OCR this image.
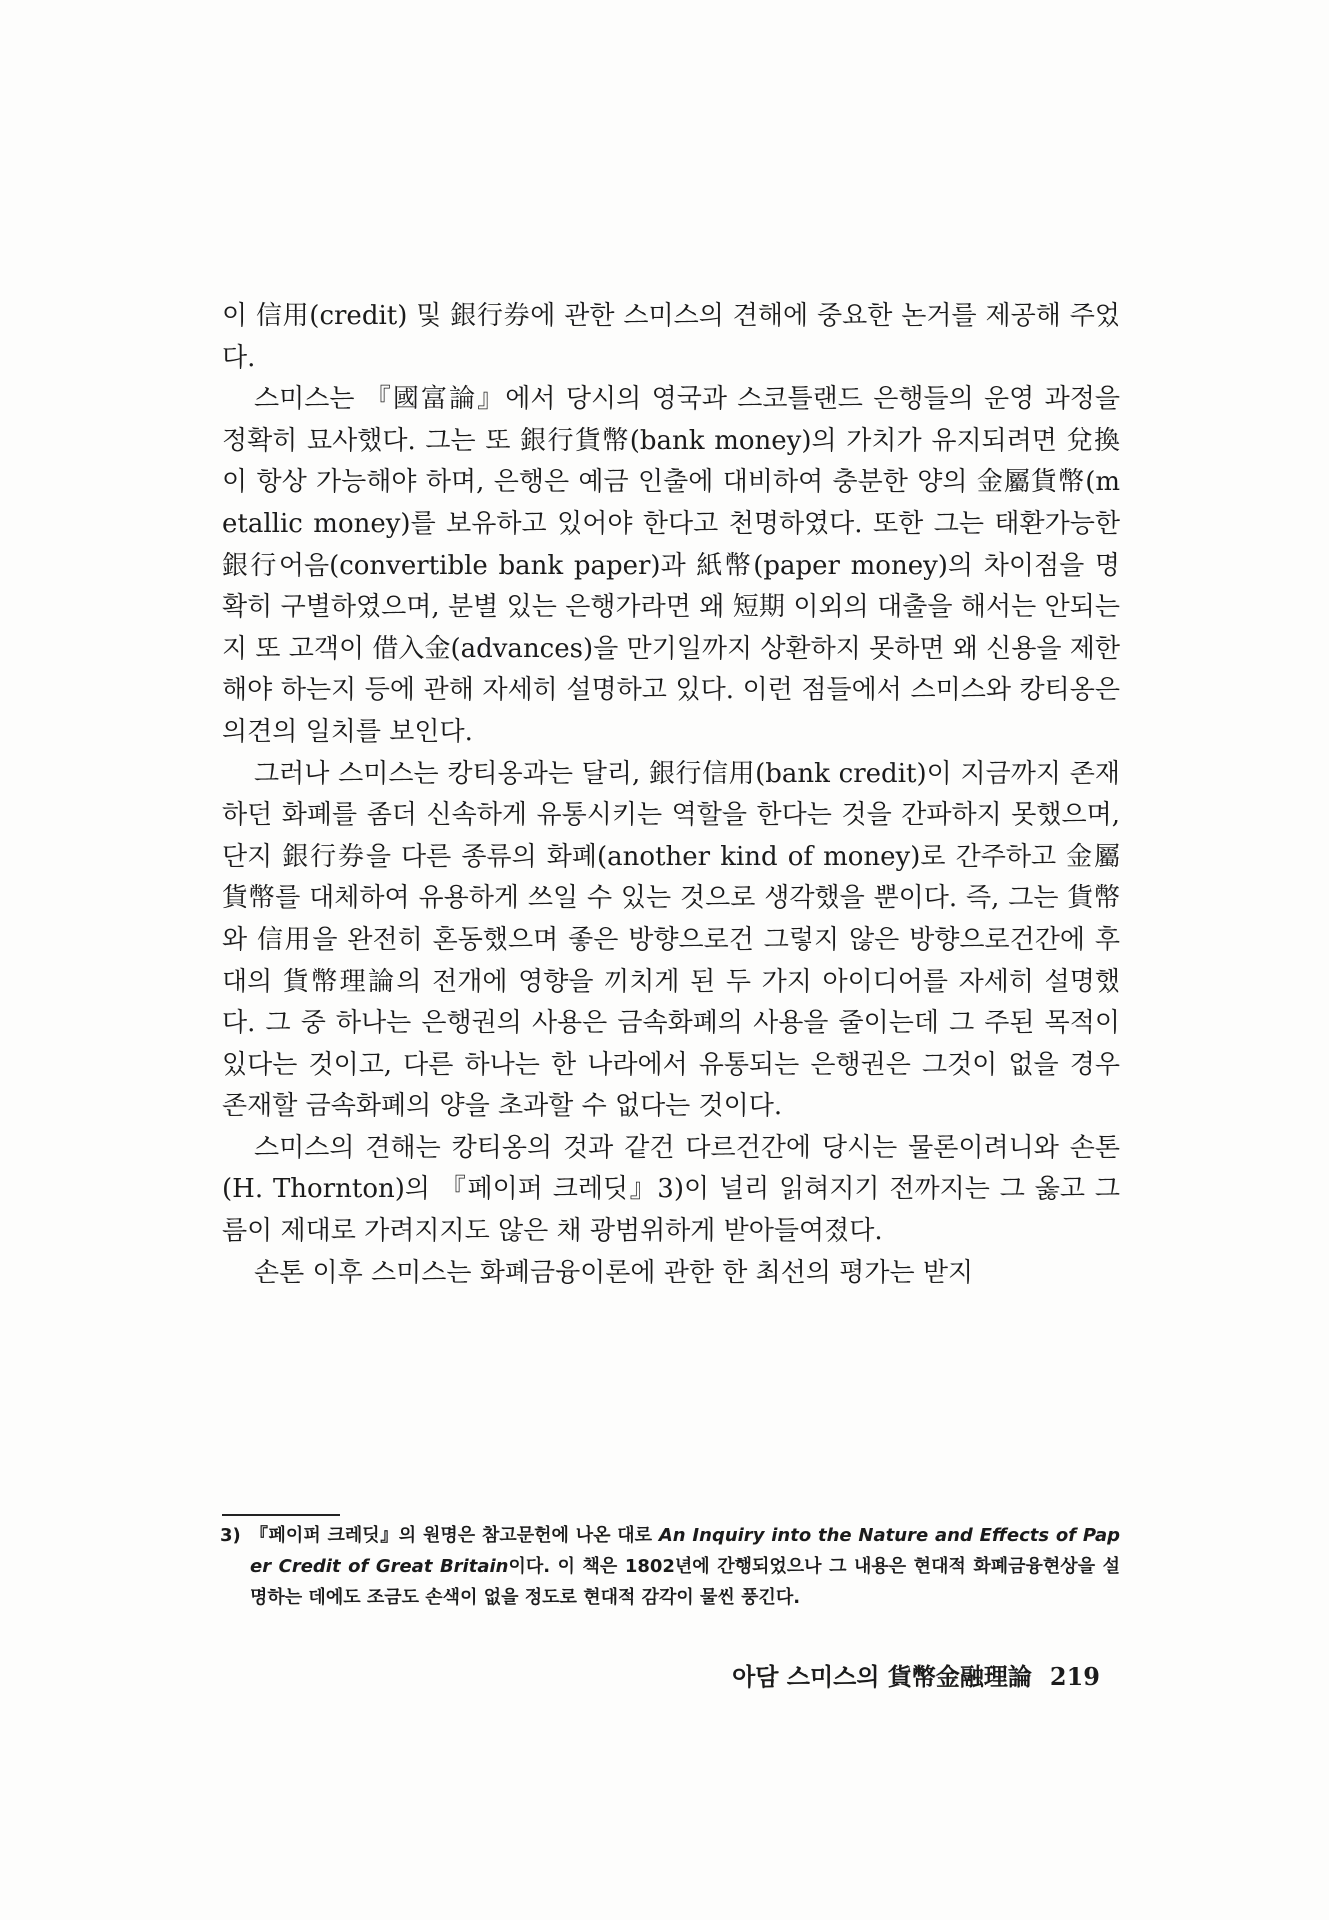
이 信用(credit) 및 銀行券에 관한 스미스의 견해에 중요한 논거를 제공해 주었다.

스미스는 『國富論』에서 당시의 영국과 스코틀랜드 은행들의 운영 과정을 정확히 묘사했다. 그는 또 銀行貨幣(bank money)의 가치가 유지되려면 兌換이 항상 가능해야 하며, 은행은 예금 인출에 대비하여 충분한 양의 金屬貨幣(metallic money)를 보유하고 있어야 한다고 천명하였다. 또한 그는 태환가능한 銀行어음(convertible bank paper)과 紙幣(paper money)의 차이점을 명확히 구별하였으며, 분별 있는 은행가라면 왜 短期 이외의 대출을 해서는 안되는지 또 고객이 借入金(advances)을 만기일까지 상환하지 못하면 왜 신용을 제한해야 하는지 등에 관해 자세히 설명하고 있다. 이런 점들에서 스미스와 캉티옹은 의견의 일치를 보인다.

그러나 스미스는 캉티옹과는 달리, 銀行信用(bank credit)이 지금까지 존재하던 화폐를 좀더 신속하게 유통시키는 역할을 한다는 것을 간파하지 못했으며, 단지 銀行券을 다른 종류의 화폐(another kind of money)로 간주하고 金屬貨幣를 대체하여 유용하게 쓰일 수 있는 것으로 생각했을 뿐이다. 즉, 그는 貨幣와 信用을 완전히 혼동했으며 좋은 방향으로건 그렇지 않은 방향으로건간에 후대의 貨幣理論의 전개에 영향을 끼치게 된 두 가지 아이디어를 자세히 설명했다. 그 중 하나는 은행권의 사용은 금속화폐의 사용을 줄이는데 그 주된 목적이 있다는 것이고, 다른 하나는 한 나라에서 유통되는 은행권은 그것이 없을 경우 존재할 금속화폐의 양을 초과할 수 없다는 것이다.

스미스의 견해는 캉티옹의 것과 같건 다르건간에 당시는 물론이려니와 손톤(H. Thornton)의 『페이퍼 크레딧』3)이 널리 읽혀지기 전까지는 그 옳고 그름이 제대로 가려지지도 않은 채 광범위하게 받아들여졌다.

손톤 이후 스미스는 화폐금융이론에 관한 한 최선의 평가는 받지

3) 『페이퍼 크레딧』의 원명은 참고문헌에 나온 대로 An Inquiry into the Nature and Effects of Paper Credit of Great Britain이다. 이 책은 1802년에 간행되었으나 그 내용은 현대적 화폐금융현상을 설명하는 데에도 조금도 손색이 없을 정도로 현대적 감각이 물씬 풍긴다.
아담 스미스의 貨幣金融理論 219
